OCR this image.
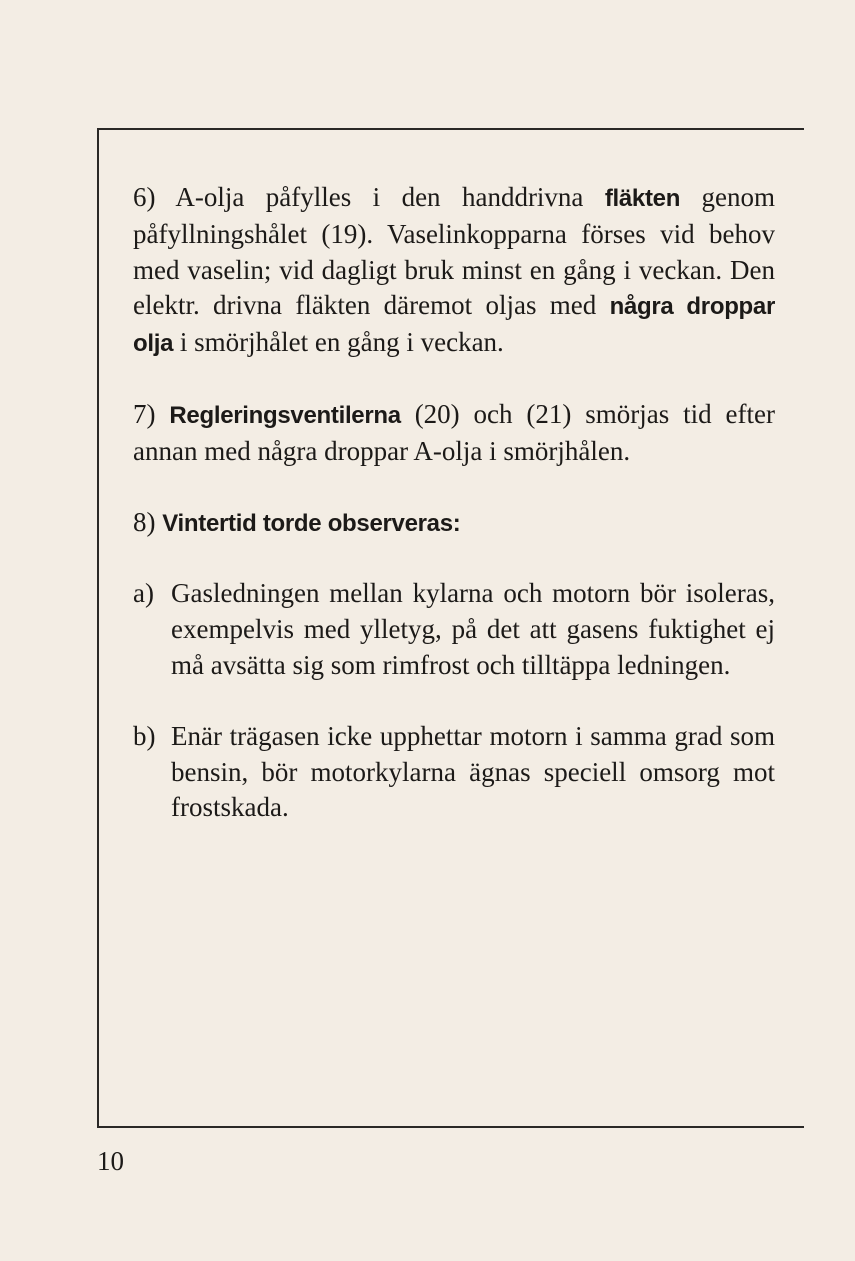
6) A-olja påfylles i den handdrivna fläkten genom påfyllningshålet (19). Vaselinkopparna förses vid behov med vaselin; vid dagligt bruk minst en gång i veckan. Den elektr. drivna fläkten däremot oljas med några droppar olja i smörjhålet en gång i veckan.

7) Regleringsventilerna (20) och (21) smörjas tid efter annan med några droppar A-olja i smörjhålen.

8) Vintertid torde observeras:

a) Gasledningen mellan kylarna och motorn bör isoleras, exempelvis med ylletyg, på det att gasens fuktighet ej må avsätta sig som rimfrost och tilltäppa ledningen.
b) Enär trägasen icke upphettar motorn i samma grad som bensin, bör motorkylarna ägnas speciell omsorg mot frostskada.
10
